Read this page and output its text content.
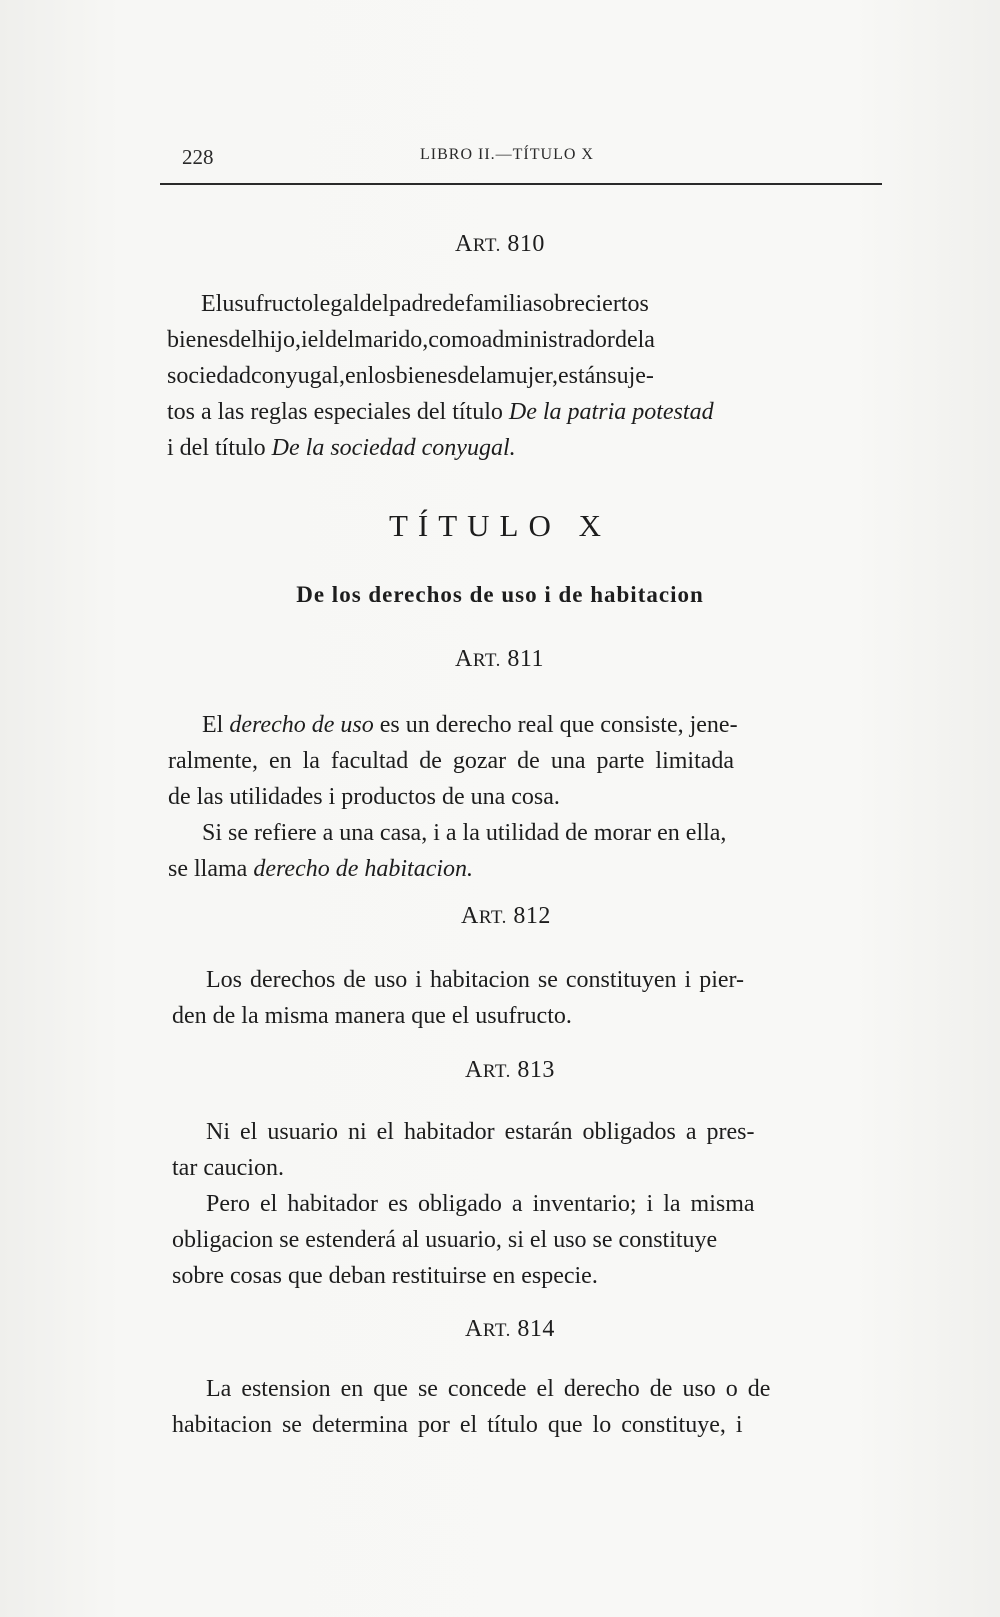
228	LIBRO II.—TÍTULO X
ART. 810
Elusufructolegaldelpadredefamiliasobreciertos
bienesdelhijo,ieldelmarido,comoadministradordela
sociedadconyugal,enlosbienesdelamujer,estánsuje-
tos a las reglas especiales del título De la patria potestad
i del título De la sociedad conyugal.
TÍTULO X
De los derechos de uso i de habitacion
ART. 811
El derecho de uso es un derecho real que consiste, jene-
ralmente, en la facultad de gozar de una parte limitada
de las utilidades i productos de una cosa.
Si se refiere a una casa, i a la utilidad de morar en ella,
se llama derecho de habitacion.
ART. 812
Los derechos de uso i habitacion se constituyen i pier-
den de la misma manera que el usufructo.
ART. 813
Ni el usuario ni el habitador estarán obligados a pres-
tar caucion.
Pero el habitador es obligado a inventario; i la misma
obligacion se estenderá al usuario, si el uso se constituye
sobre cosas que deban restituirse en especie.
ART. 814
La estension en que se concede el derecho de uso o de
habitacion se determina por el título que lo constituye, i
